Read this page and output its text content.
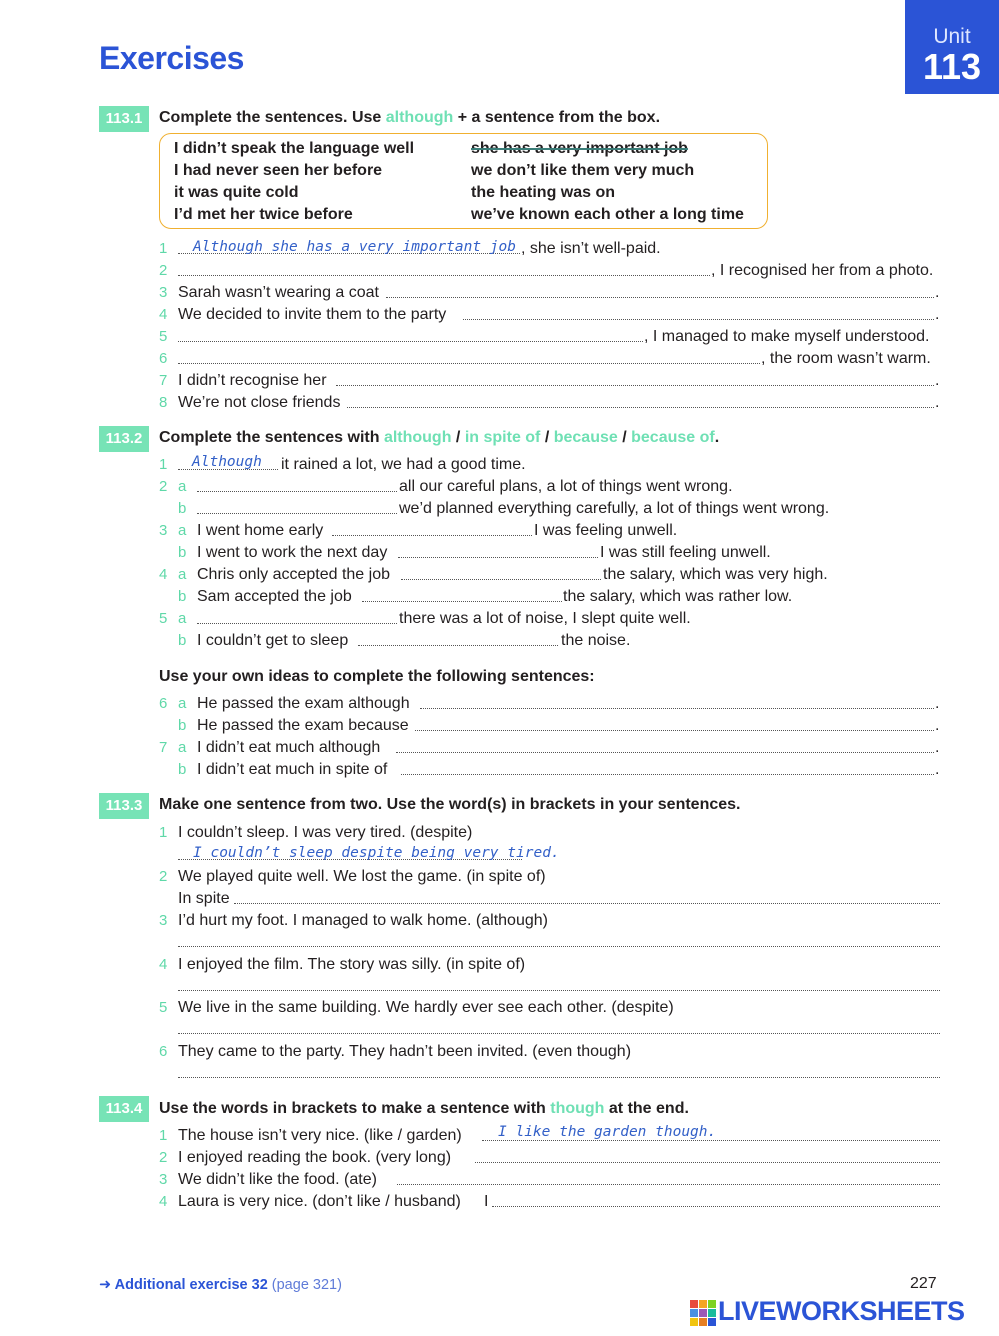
Exercises
Unit
113
113.1	Complete the sentences. Use although + a sentence from the box.
I didn’t speak the language well
I had never seen her before
it was quite cold
I’d met her twice before
she has a very important job
we don’t like them very much
the heating was on
we’ve known each other a long time
1 Although she has a very important job , she isn’t well-paid.
2	, I recognised her from a photo.
3 Sarah wasn’t wearing a coat	.
4 We decided to invite them to the party	.
5	, I managed to make myself understood.
6	, the room wasn’t warm.
7 I didn’t recognise her	.
8 We’re not close friends	.
113.2	Complete the sentences with although / in spite of / because / because of.
1 Although it rained a lot, we had a good time.
2 a	all our careful plans, a lot of things went wrong.
b	we’d planned everything carefully, a lot of things went wrong.
3 a I went home early	I was feeling unwell.
b I went to work the next day	I was still feeling unwell.
4 a Chris only accepted the job	the salary, which was very high.
b Sam accepted the job	the salary, which was rather low.
5 a	there was a lot of noise, I slept quite well.
b I couldn’t get to sleep	the noise.
Use your own ideas to complete the following sentences:
6 a He passed the exam although	.
b He passed the exam because	.
7 a I didn’t eat much although	.
b I didn’t eat much in spite of	.
113.3	Make one sentence from two. Use the word(s) in brackets in your sentences.
1 I couldn’t sleep. I was very tired. (despite)
I couldn’t sleep despite being very tired.
2 We played quite well. We lost the game. (in spite of)
In spite
3 I’d hurt my foot. I managed to walk home. (although)
4 I enjoyed the film. The story was silly. (in spite of)
5 We live in the same building. We hardly ever see each other. (despite)
6 They came to the party. They hadn’t been invited. (even though)
113.4	Use the words in brackets to make a sentence with though at the end.
1 The house isn’t very nice. (like / garden)	I like the garden though.
2 I enjoyed reading the book. (very long)
3 We didn’t like the food. (ate)
4 Laura is very nice. (don’t like / husband) I
➜ Additional exercise 32 (page 321)	227
LIVEWORKSHEETS
